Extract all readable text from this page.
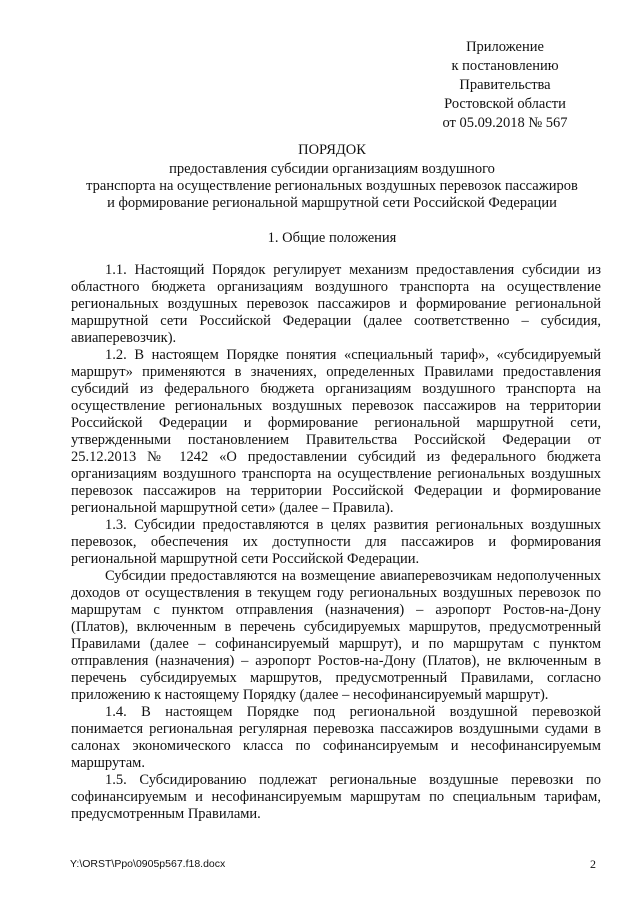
Приложение
к постановлению
Правительства
Ростовской области
от 05.09.2018 № 567
ПОРЯДОК

предоставления субсидии организациям воздушного

транспорта на осуществление региональных воздушных перевозок пассажиров

и формирование региональной маршрутной сети Российской Федерации

1. Общие положения

1.1. Настоящий Порядок регулирует механизм предоставления субсидии из областного бюджета организациям воздушного транспорта на осуществление региональных воздушных перевозок пассажиров и формирование региональной маршрутной сети Российской Федерации (далее соответственно – субсидия, авиаперевозчик).

1.2. В настоящем Порядке понятия «специальный тариф», «субсидируемый маршрут» применяются в значениях, определенных Правилами предоставления субсидий из федерального бюджета организациям воздушного транспорта на осуществление региональных воздушных перевозок пассажиров на территории Российской Федерации и формирование региональной маршрутной сети, утвержденными постановлением Правительства Российской Федерации от 25.12.2013 № 1242 «О предоставлении субсидий из федерального бюджета организациям воздушного транспорта на осуществление региональных воздушных перевозок пассажиров на территории Российской Федерации и формирование региональной маршрутной сети» (далее – Правила).

1.3. Субсидии предоставляются в целях развития региональных воздушных перевозок, обеспечения их доступности для пассажиров и формирования региональной маршрутной сети Российской Федерации.

Субсидии предоставляются на возмещение авиаперевозчикам недополученных доходов от осуществления в текущем году региональных воздушных перевозок по маршрутам с пунктом отправления (назначения) – аэропорт Ростов-на-Дону (Платов), включенным в перечень субсидируемых маршрутов, предусмотренный Правилами (далее – софинансируемый маршрут), и по маршрутам с пунктом отправления (назначения) – аэропорт Ростов-на-Дону (Платов), не включенным в перечень субсидируемых маршрутов, предусмотренный Правилами, согласно приложению к настоящему Порядку (далее – несофинансируемый маршрут).

1.4. В настоящем Порядке под региональной воздушной перевозкой понимается региональная регулярная перевозка пассажиров воздушными судами в салонах экономического класса по софинансируемым и несофинансируемым маршрутам.

1.5. Субсидированию подлежат региональные воздушные перевозки по софинансируемым и несофинансируемым маршрутам по специальным тарифам, предусмотренным Правилами.

Y:\ORST\Ppo\0905p567.f18.docx	2
